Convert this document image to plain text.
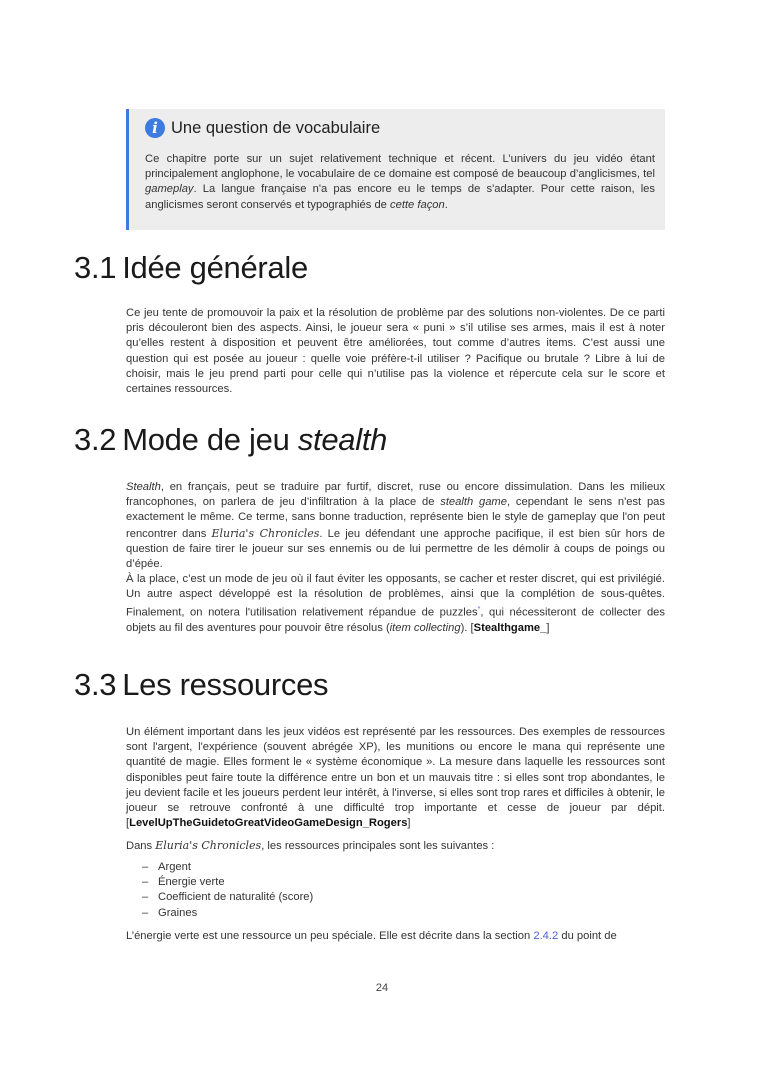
i Une question de vocabulaire
Ce chapitre porte sur un sujet relativement technique et récent. L’univers du jeu vidéo étant principalement anglophone, le vocabulaire de ce domaine est composé de beaucoup d’anglicismes, tel gameplay. La langue française n'a pas encore eu le temps de s'adapter. Pour cette raison, les anglicismes seront conservés et typographiés de cette façon.
3.1 Idée générale

Ce jeu tente de promouvoir la paix et la résolution de problème par des solutions non-violentes. De ce parti pris découleront bien des aspects. Ainsi, le joueur sera « puni » s’il utilise ses armes, mais il est à noter qu’elles restent à disposition et peuvent être améliorées, tout comme d’autres items. C’est aussi une question qui est posée au joueur : quelle voie préfère-t-il utiliser ? Pacifique ou brutale ? Libre à lui de choisir, mais le jeu prend parti pour celle qui n’utilise pas la violence et répercute cela sur le score et certaines ressources.

3.2 Mode de jeu stealth

Stealth, en français, peut se traduire par furtif, discret, ruse ou encore dissimulation. Dans les milieux francophones, on parlera de jeu d’infiltration à la place de stealth game, cependant le sens n'est pas exactement le même. Ce terme, sans bonne traduction, représente bien le style de gameplay que l'on peut rencontrer dans Eluria's Chronicles. Le jeu défendant une approche pacifique, il est bien sûr hors de question de faire tirer le joueur sur ses ennemis ou de lui permettre de les démolir à coups de poings ou d’épée.

À la place, c’est un mode de jeu où il faut éviter les opposants, se cacher et rester discret, qui est privilégié. Un autre aspect développé est la résolution de problèmes, ainsi que la complétion de sous-quêtes. Finalement, on notera l'utilisation relativement répandue de puzzles*, qui nécessiteront de collecter des objets au fil des aventures pour pouvoir être résolus (item collecting). [Stealthgame_]

3.3 Les ressources

Un élément important dans les jeux vidéos est représenté par les ressources. Des exemples de ressources sont l'argent, l'expérience (souvent abrégée XP), les munitions ou encore le mana qui représente une quantité de magie. Elles forment le « système économique ». La mesure dans laquelle les ressources sont disponibles peut faire toute la différence entre un bon et un mauvais titre : si elles sont trop abondantes, le jeu devient facile et les joueurs perdent leur intérêt, à l'inverse, si elles sont trop rares et difficiles à obtenir, le joueur se retrouve confronté à une difficulté trop importante et cesse de joueur par dépit.[LevelUpTheGuidetoGreatVideoGameDesign_Rogers]

Dans Eluria's Chronicles, les ressources principales sont les suivantes :

– Argent
– Énergie verte
– Coefficient de naturalité (score)
– Graines

L’énergie verte est une ressource un peu spéciale. Elle est décrite dans la section 2.4.2 du point de

24
